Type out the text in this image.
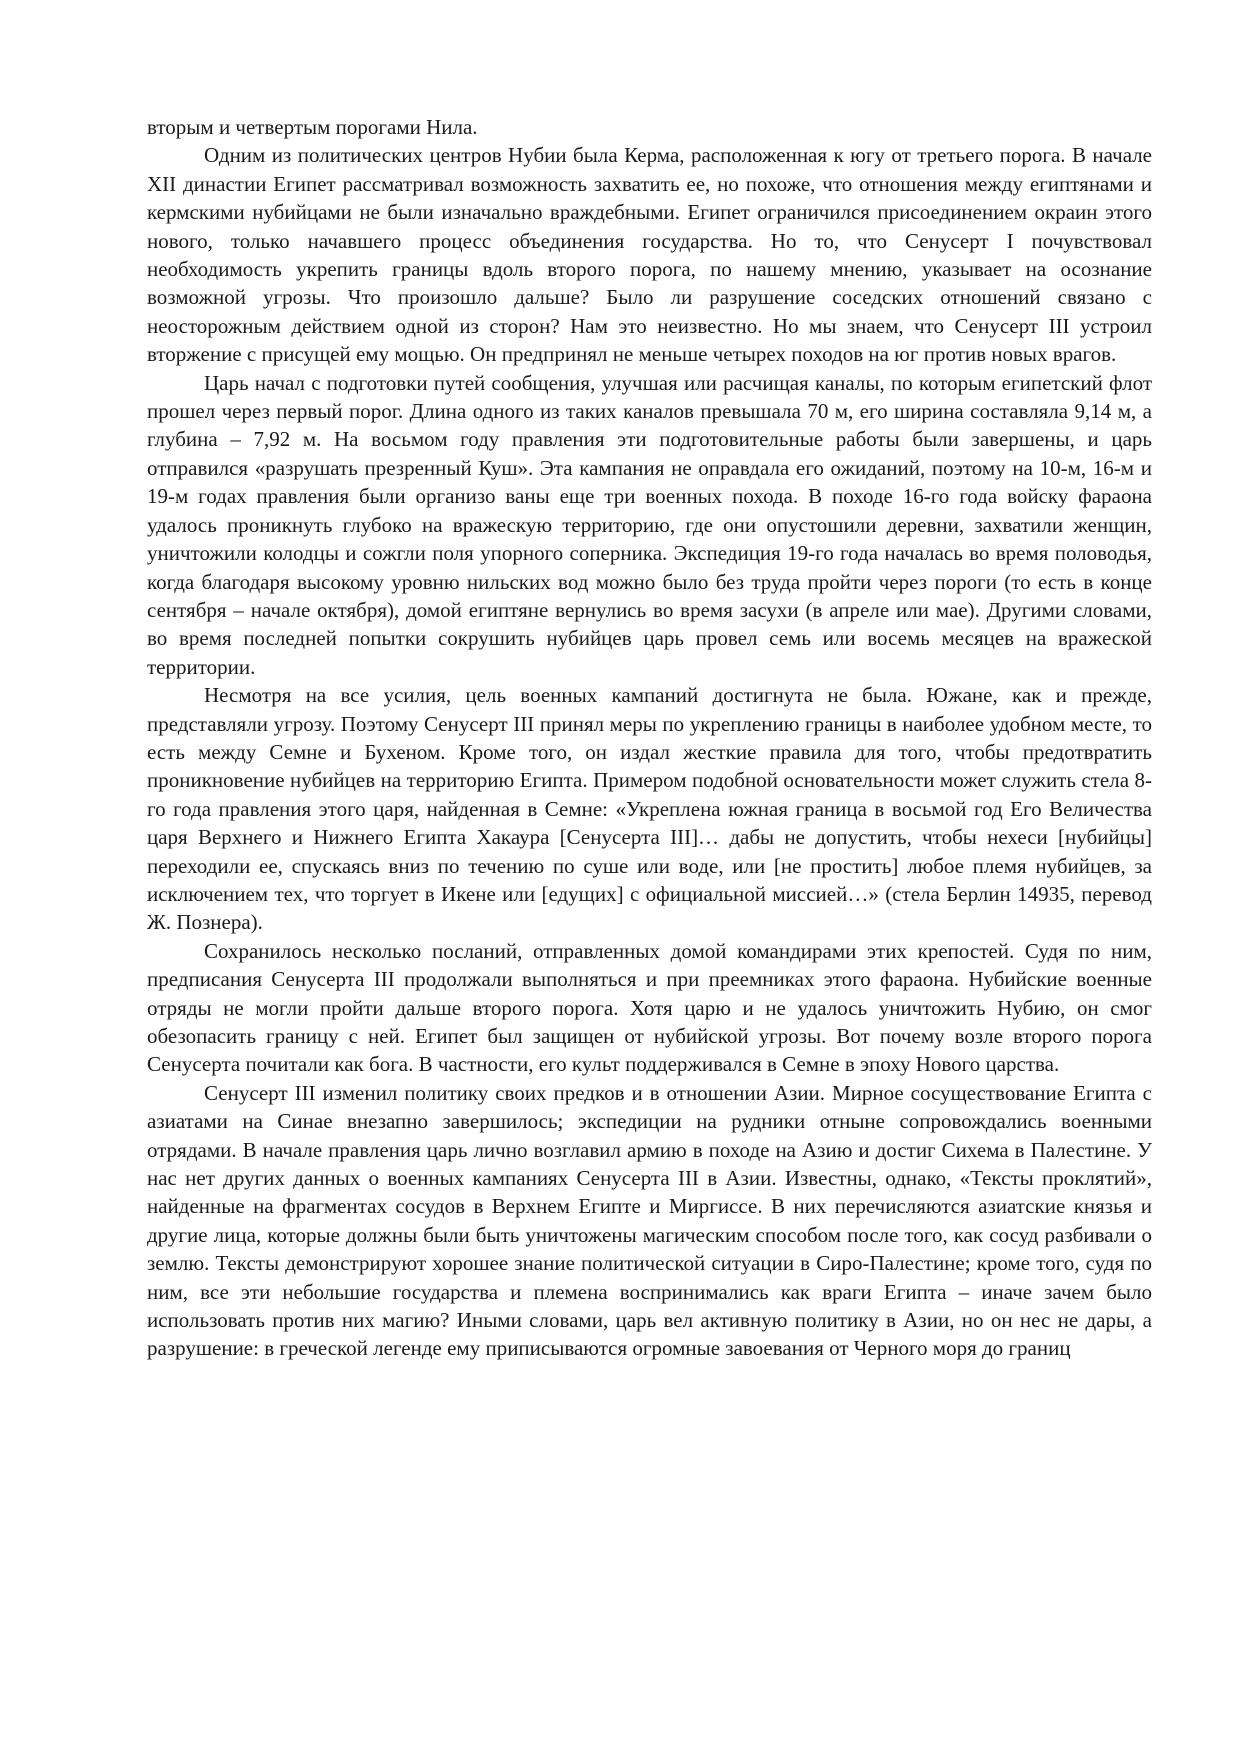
вторым и четвертым порогами Нила.

Одним из политических центров Нубии была Керма, расположенная к югу от третьего порога. В начале XII династии Египет рассматривал возможность захватить ее, но похоже, что отношения между египтянами и кермскими нубийцами не были изначально враждебными. Египет ограничился присоединением окраин этого нового, только начавшего процесс объединения государства. Но то, что Сенусерт I почувствовал необходимость укрепить границы вдоль второго порога, по нашему мнению, указывает на осознание возможной угрозы. Что произошло дальше? Было ли разрушение соседских отношений связано с неосторожным действием одной из сторон? Нам это неизвестно. Но мы знаем, что Сенусерт III устроил вторжение с присущей ему мощью. Он предпринял не меньше четырех походов на юг против новых врагов.

Царь начал с подготовки путей сообщения, улучшая или расчищая каналы, по которым египетский флот прошел через первый порог. Длина одного из таких каналов превышала 70 м, его ширина составляла 9,14 м, а глубина – 7,92 м. На восьмом году правления эти подготовительные работы были завершены, и царь отправился «разрушать презренный Куш». Эта кампания не оправдала его ожиданий, поэтому на 10-м, 16-м и 19-м годах правления были организо ваны еще три военных похода. В походе 16-го года войску фараона удалось проникнуть глубоко на вражескую территорию, где они опустошили деревни, захватили женщин, уничтожили колодцы и сожгли поля упорного соперника. Экспедиция 19-го года началась во время половодья, когда благодаря высокому уровню нильских вод можно было без труда пройти через пороги (то есть в конце сентября – начале октября), домой египтяне вернулись во время засухи (в апреле или мае). Другими словами, во время последней попытки сокрушить нубийцев царь провел семь или восемь месяцев на вражеской территории.

Несмотря на все усилия, цель военных кампаний достигнута не была. Южане, как и прежде, представляли угрозу. Поэтому Сенусерт III принял меры по укреплению границы в наиболее удобном месте, то есть между Семне и Бухеном. Кроме того, он издал жесткие правила для того, чтобы предотвратить проникновение нубийцев на территорию Египта. Примером подобной основательности может служить стела 8-го года правления этого царя, найденная в Семне: «Укреплена южная граница в восьмой год Его Величества царя Верхнего и Нижнего Египта Хакаура [Сенусерта III]… дабы не допустить, чтобы нехеси [нубийцы] переходили ее, спускаясь вниз по течению по суше или воде, или [не простить] любое племя нубийцев, за исключением тех, что торгует в Икене или [едущих] с официальной миссией…» (стела Берлин 14935, перевод Ж. Познера).

Сохранилось несколько посланий, отправленных домой командирами этих крепостей. Судя по ним, предписания Сенусерта III продолжали выполняться и при преемниках этого фараона. Нубийские военные отряды не могли пройти дальше второго порога. Хотя царю и не удалось уничтожить Нубию, он смог обезопасить границу с ней. Египет был защищен от нубийской угрозы. Вот почему возле второго порога Сенусерта почитали как бога. В частности, его культ поддерживался в Семне в эпоху Нового царства.

Сенусерт III изменил политику своих предков и в отношении Азии. Мирное сосуществование Египта с азиатами на Синае внезапно завершилось; экспедиции на рудники отныне сопровождались военными отрядами. В начале правления царь лично возглавил армию в походе на Азию и достиг Сихема в Палестине. У нас нет других данных о военных кампаниях Сенусерта III в Азии. Известны, однако, «Тексты проклятий», найденные на фрагментах сосудов в Верхнем Египте и Миргиссе. В них перечисляются азиатские князья и другие лица, которые должны были быть уничтожены магическим способом после того, как сосуд разбивали о землю. Тексты демонстрируют хорошее знание политической ситуации в Сиро-Палестине; кроме того, судя по ним, все эти небольшие государства и племена воспринимались как враги Египта – иначе зачем было использовать против них магию? Иными словами, царь вел активную политику в Азии, но он нес не дары, а разрушение: в греческой легенде ему приписываются огромные завоевания от Черного моря до границ
